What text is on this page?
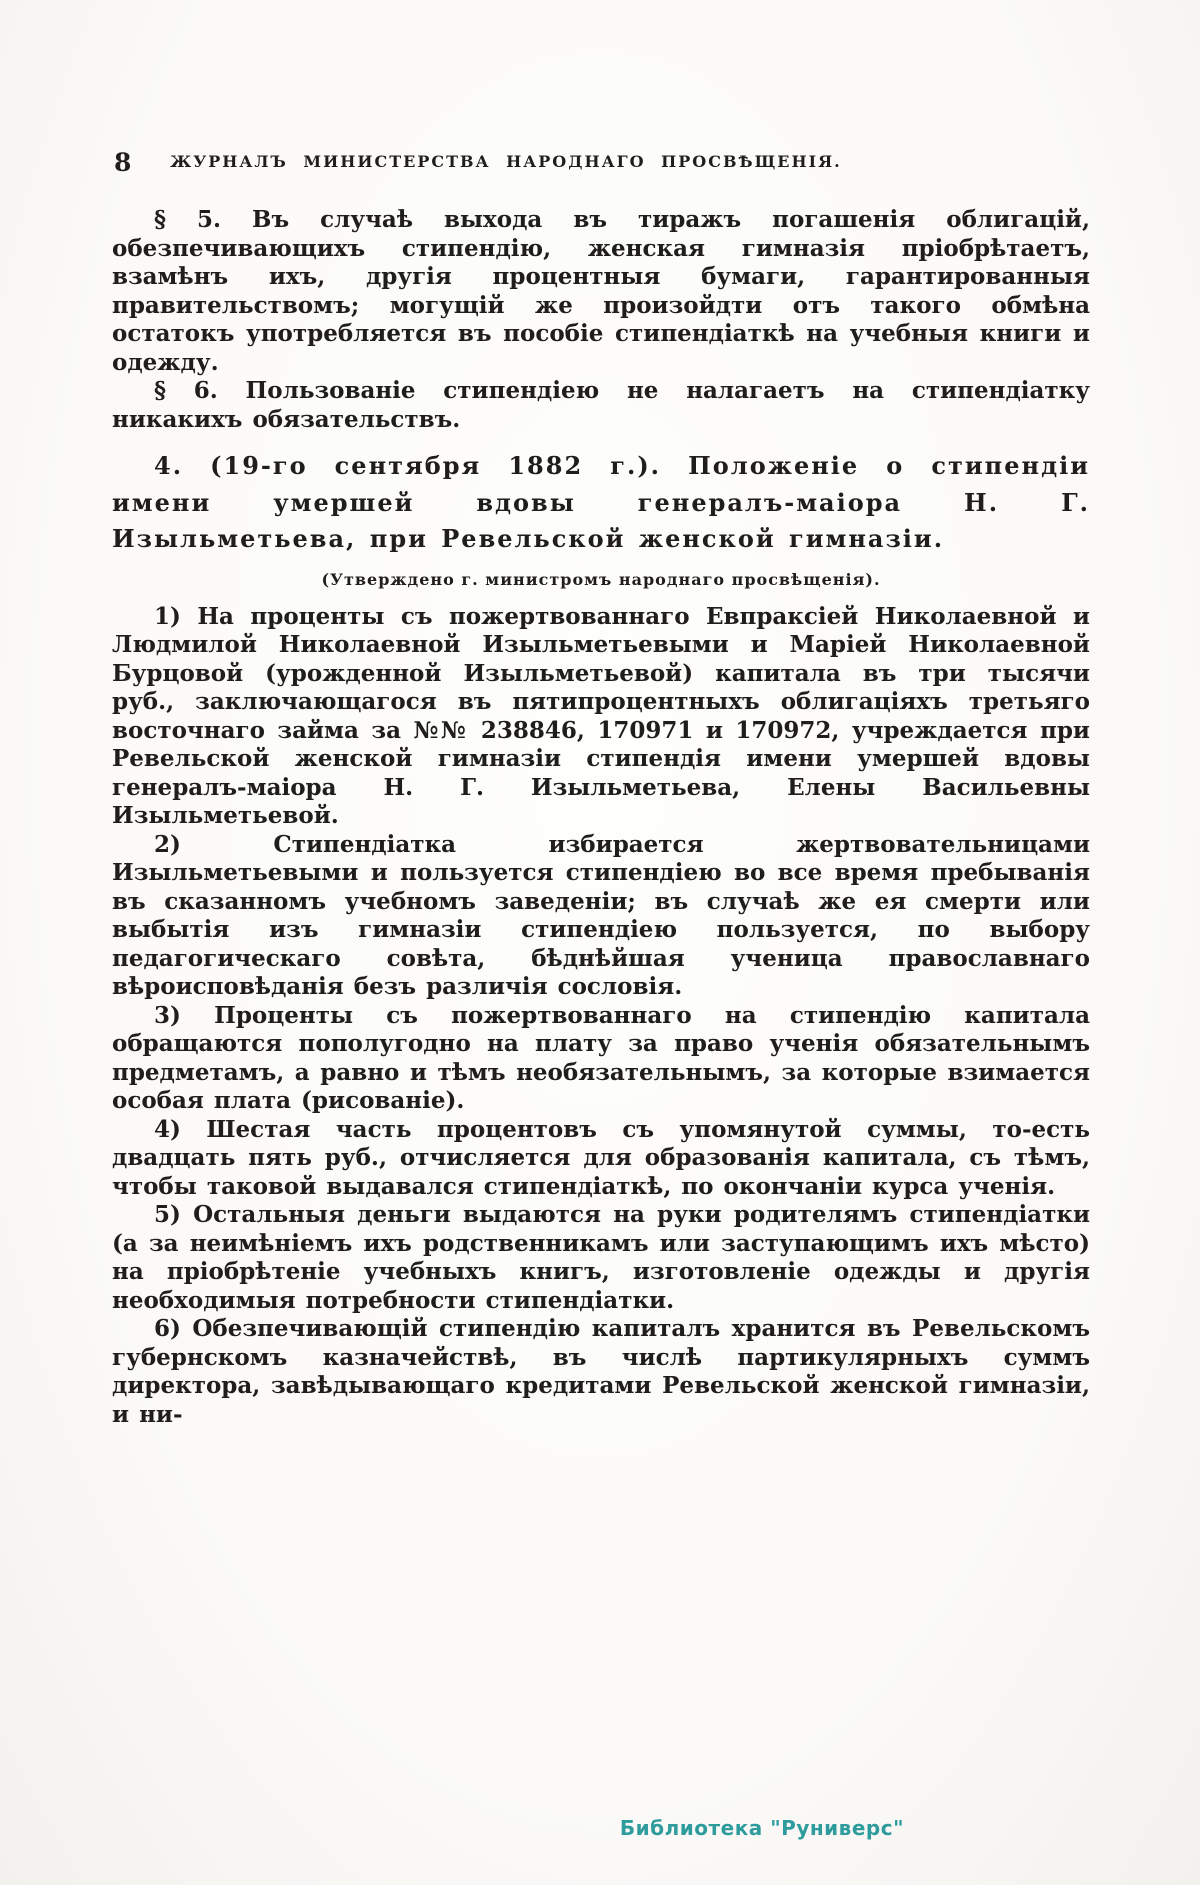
8	ЖУРНАЛЪ МИНИСТЕРСТВА НАРОДНАГО ПРОСВѢЩЕНІЯ.

§ 5. Въ случаѣ выхода въ тиражъ погашенія облигацій, обезпечивающихъ стипендію, женская гимназія пріобрѣтаетъ, взамѣнъ ихъ, другія процентныя бумаги, гарантированныя правительствомъ; могущій же произойдти отъ такого обмѣна остатокъ употребляется въ пособіе стипендіаткѣ на учебныя книги и одежду.

§ 6. Пользованіе стипендіею не налагаетъ на стипендіатку никакихъ обязательствъ.

4. (19-го сентября 1882 г.). Положеніе о стипендіи имени умершей вдовы генералъ-маіора Н. Г. Изыльметьева, при Ревельской женской гимназіи.

(Утверждено г. министромъ народнаго просвѣщенія).

1) На проценты съ пожертвованнаго Евпраксіей Николаевной и Людмилой Николаевной Изыльметьевыми и Маріей Николаевной Бурцовой (урожденной Изыльметьевой) капитала въ три тысячи руб., заключающагося въ пятипроцентныхъ облигаціяхъ третьяго восточнаго займа за №№ 238846, 170971 и 170972, учреждается при Ревельской женской гимназіи стипендія имени умершей вдовы генералъ-маіора Н. Г. Изыльметьева, Елены Васильевны Изыльметьевой.

2) Стипендіатка избирается жертвовательницами Изыльметьевыми и пользуется стипендіею во все время пребыванія въ сказанномъ учебномъ заведеніи; въ случаѣ же ея смерти или выбытія изъ гимназіи стипендіею пользуется, по выбору педагогическаго совѣта, бѣднѣйшая ученица православнаго вѣроисповѣданія безъ различія сословія.

3) Проценты съ пожертвованнаго на стипендію капитала обращаются пополугодно на плату за право ученія обязательнымъ предметамъ, а равно и тѣмъ необязательнымъ, за которые взимается особая плата (рисованіе).

4) Шестая часть процентовъ съ упомянутой суммы, то-есть двадцать пять руб., отчисляется для образованія капитала, съ тѣмъ, чтобы таковой выдавался стипендіаткѣ, по окончаніи курса ученія.

5) Остальныя деньги выдаются на руки родителямъ стипендіатки (а за неимѣніемъ ихъ родственникамъ или заступающимъ ихъ мѣсто) на пріобрѣтеніе учебныхъ книгъ, изготовленіе одежды и другія необходимыя потребности стипендіатки.

6) Обезпечивающій стипендію капиталъ хранится въ Ревельскомъ губернскомъ казначействѣ, въ числѣ партикулярныхъ суммъ директора, завѣдывающаго кредитами Ревельской женской гимназіи, и ни-

Библиотека "Руниверс"
